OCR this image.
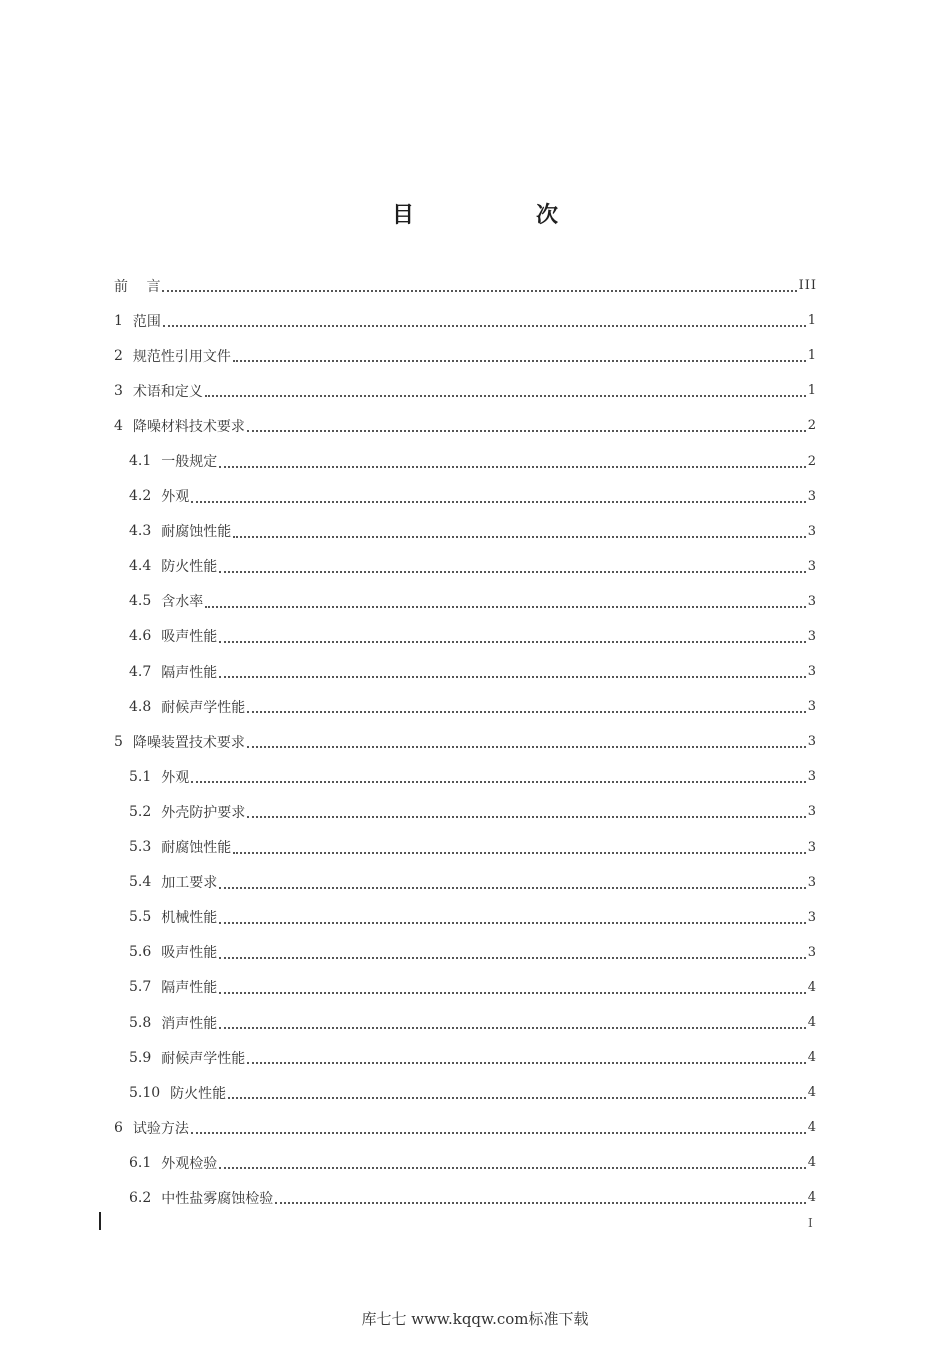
目　次
前　 言	III
1 范围	1
2 规范性引用文件	1
3 术语和定义	1
4 降噪材料技术要求	2
4.1 一般规定	2
4.2 外观	3
4.3 耐腐蚀性能	3
4.4 防火性能	3
4.5 含水率	3
4.6 吸声性能	3
4.7 隔声性能	3
4.8 耐候声学性能	3
5 降噪装置技术要求	3
5.1 外观	3
5.2 外壳防护要求	3
5.3 耐腐蚀性能	3
5.4 加工要求	3
5.5 机械性能	3
5.6 吸声性能	3
5.7 隔声性能	4
5.8 消声性能	4
5.9 耐候声学性能	4
5.10 防火性能	4
6 试验方法	4
6.1 外观检验	4
6.2 中性盐雾腐蚀检验	4
I
库七七 www.kqqw.com标准下载
